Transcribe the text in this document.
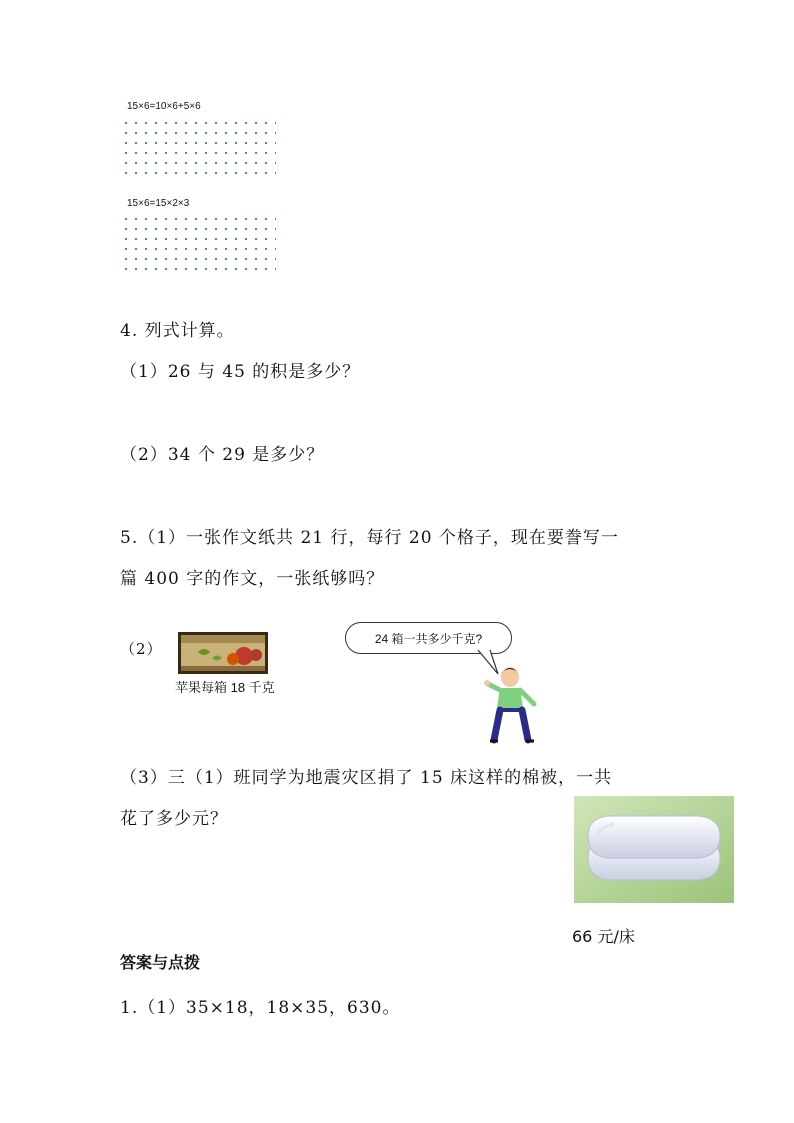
15×6=10×6+5×6
15×6=15×2×3
4. 列式计算。
（1）26 与 45 的积是多少？
（2）34 个 29 是多少？
5.（1）一张作文纸共 21 行，每行 20 个格子，现在要誊写一
篇 400 字的作文，一张纸够吗？
（2）
苹果每箱 18 千克
24 箱一共多少千克?
（3）三（1）班同学为地震灾区捐了 15 床这样的棉被，一共
花了多少元？
66 元/床
答案与点拨
1.（1）35×18，18×35，630。
